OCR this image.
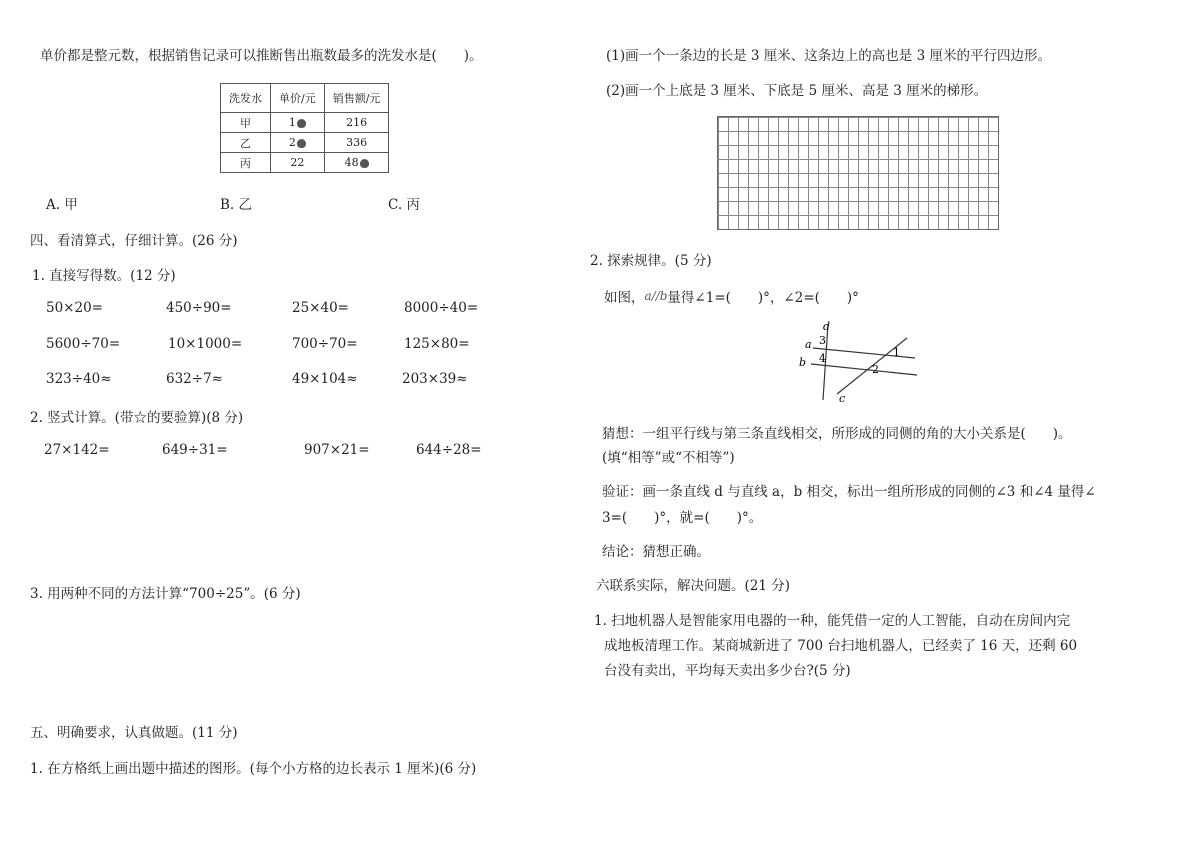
单价都是整元数，根据销售记录可以推断售出瓶数最多的洗发水是(　　)。
洗发水	单价/元	销售额/元
甲	1	216
乙	2	336
丙	22	48
A. 甲	B. 乙	C. 丙
四、看清算式，仔细计算。(26 分)
1. 直接写得数。(12 分)
50×20=	450÷90=	25×40=	8000÷40=
5600÷70=	10×1000=	700÷70=	125×80=
323÷40≈	632÷7≈	49×104≈	203×39≈
2. 竖式计算。(带☆的要验算)(8 分)
27×142=	649÷31=	907×21=	644÷28=
3. 用两种不同的方法计算“700÷25”。(6 分)
五、明确要求，认真做题。(11 分)
1. 在方格纸上画出题中描述的图形。(每个小方格的边长表示 1 厘米)(6 分)
(1)画一个一条边的长是 3 厘米、这条边上的高也是 3 厘米的平行四边形。
(2)画一个上底是 3 厘米、下底是 5 厘米、高是 3 厘米的梯形。
2. 探索规律。(5 分)
如图，a//b量得∠1=(　　)°，∠2=(　　)°
d
3
a
4	1
b
2
c
猜想：一组平行线与第三条直线相交，所形成的同侧的角的大小关系是(　　)。
(填“相等”或“不相等”)
验证：画一条直线 d 与直线 a，b 相交，标出一组所形成的同侧的∠3 和∠4 量得∠
3=(　　)°，就=(　　)°。
结论：猜想正确。
六联系实际，解决问题。(21 分)
1. 扫地机器人是智能家用电器的一种，能凭借一定的人工智能，自动在房间内完
成地板清理工作。某商城新进了 700 台扫地机器人，已经卖了 16 天，还剩 60
台没有卖出，平均每天卖出多少台?(5 分)
